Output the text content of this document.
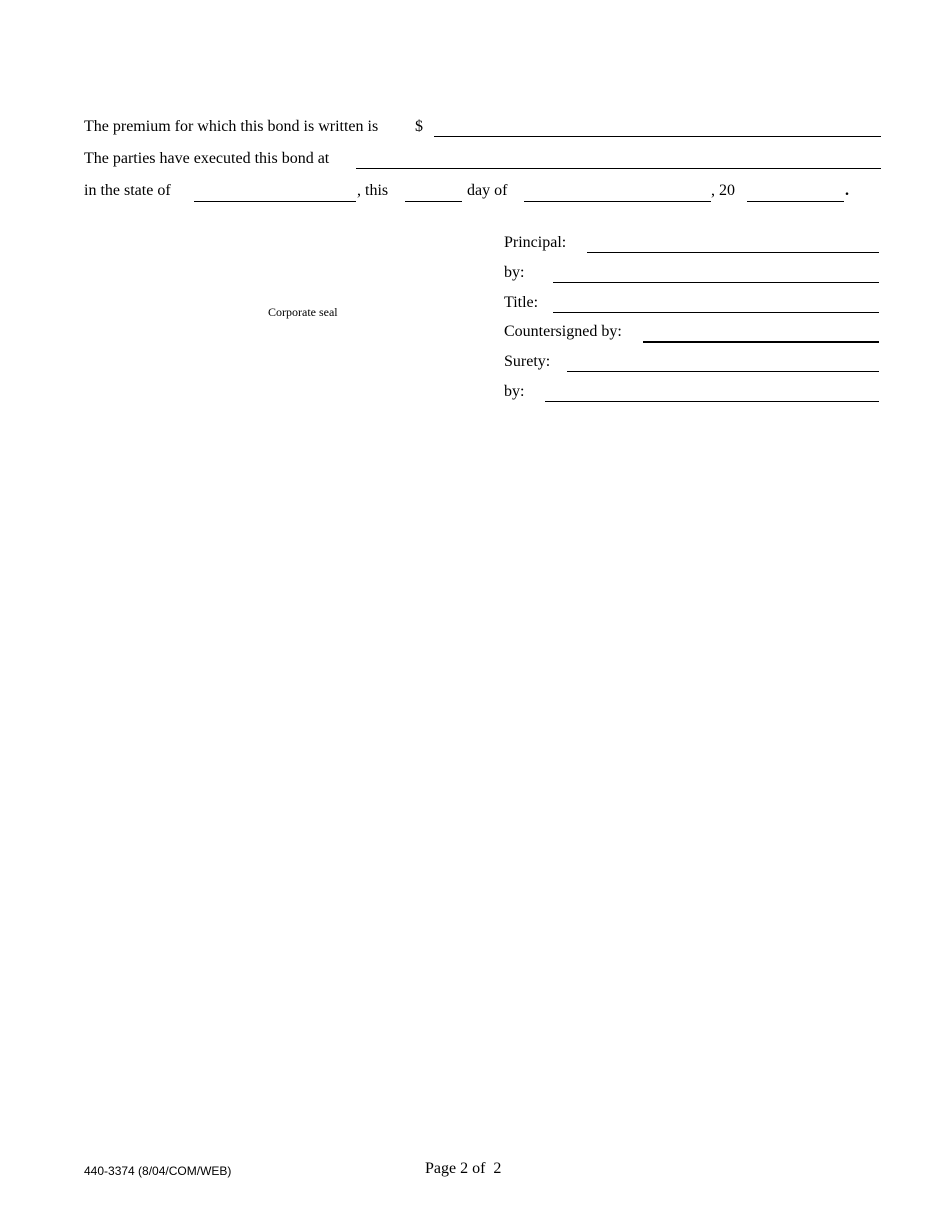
The premium for which this bond is written is $
The parties have executed this bond at
in the state of	, this	day of	, 20	.
Corporate seal
Principal:
by:
Title:
Countersigned by:
Surety:
by:
440-3374 (8/04/COM/WEB)	Page 2 of  2
